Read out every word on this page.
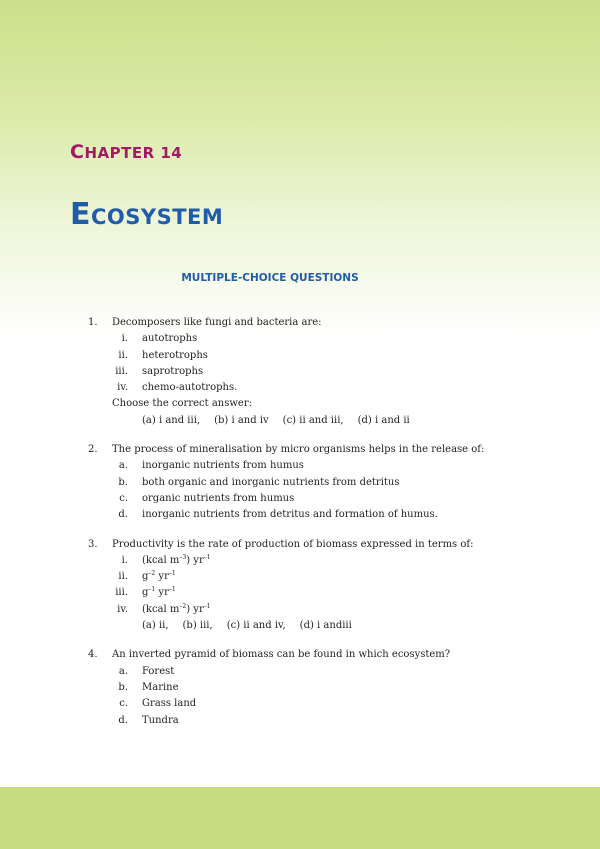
CHAPTER 14
ECOSYSTEM
MULTIPLE-CHOICE QUESTIONS
1.	Decomposers like fungi and bacteria are:
i. autotrophs
ii. heterotrophs
iii. saprotrophs
iv. chemo-autotrophs.
Choose the correct answer:
(a) i and iii, (b) i and iv (c) ii and iii, (d) i and ii
2.	The process of mineralisation by micro organisms helps in the release of:
a. inorganic nutrients from humus
b. both organic and inorganic nutrients from detritus
c. organic nutrients from humus
d. inorganic nutrients from detritus and formation of humus.
3.	Productivity is the rate of production of biomass expressed in terms of:
i. (kcal $m^{-3}$) $yr^{-1}$
ii. $g^{-2}$ $yr^{-1}$
iii. $g^{-1}$ $yr^{-1}$
iv. (kcal $m^{-2}$) $yr^{-1}$
(a) ii, (b) iii, (c) ii and iv, (d) i andiii
4.	An inverted pyramid of biomass can be found in which ecosystem?
a. Forest
b. Marine
c. Grass land
d. Tundra
